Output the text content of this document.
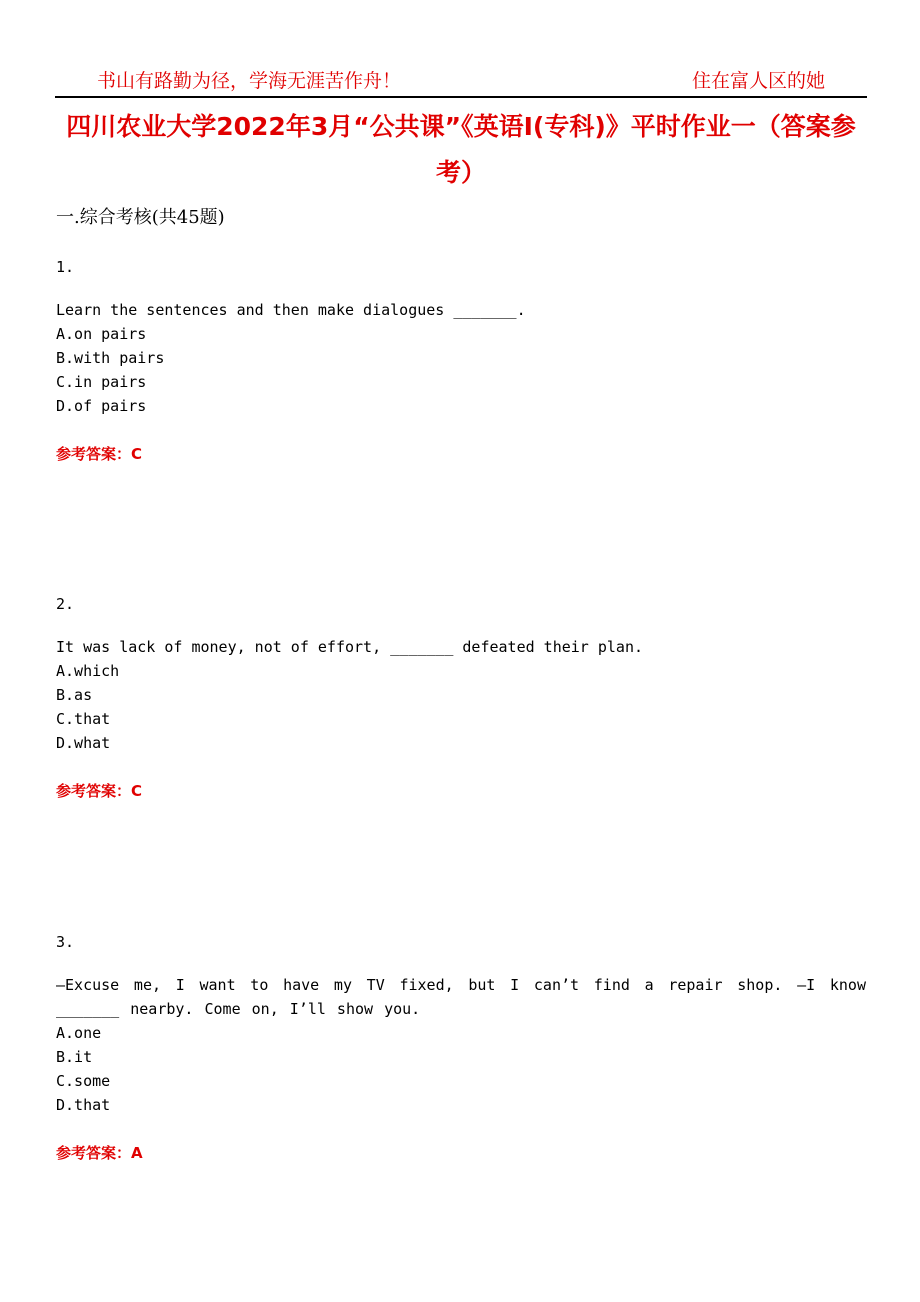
书山有路勤为径，学海无涯苦作舟！	住在富人区的她
四川农业大学2022年3月“公共课”《英语Ⅰ(专科)》平时作业一（答案参考）
一.综合考核(共45题)
1.
Learn the sentences and then make dialogues _______.
A.on pairs
B.with pairs
C.in pairs
D.of pairs
参考答案：C
2.
It was lack of money, not of effort, _______ defeated their plan.
A.which
B.as
C.that
D.what
参考答案：C
3.
—Excuse me, I want to have my TV fixed, but I can’t find a repair shop. —I know _______ nearby. Come on, I’ll show you.
A.one
B.it
C.some
D.that
参考答案：A
